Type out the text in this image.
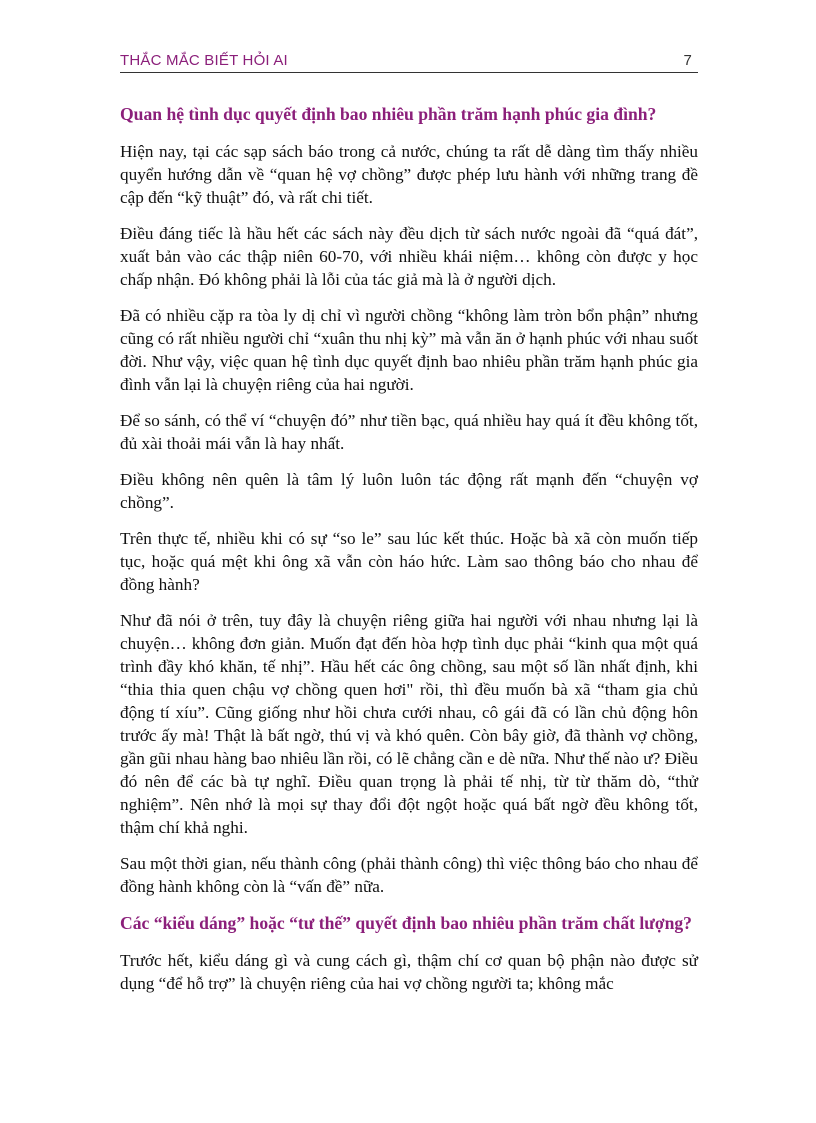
THẮC MẮC BIẾT HỎI AI	7
Quan hệ tình dục quyết định bao nhiêu phần trăm hạnh phúc gia đình?

Hiện nay, tại các sạp sách báo trong cả nước, chúng ta rất dễ dàng tìm thấy nhiều quyển hướng dẫn về “quan hệ vợ chồng” được phép lưu hành với những trang đề cập đến “kỹ thuật” đó, và rất chi tiết.

Điều đáng tiếc là hầu hết các sách này đều dịch từ sách nước ngoài đã “quá đát”, xuất bản vào các thập niên 60-70, với nhiều khái niệm… không còn được y học chấp nhận. Đó không phải là lỗi của tác giả mà là ở người dịch.

Đã có nhiều cặp ra tòa ly dị chỉ vì người chồng “không làm tròn bổn phận” nhưng cũng có rất nhiều người chỉ “xuân thu nhị kỳ” mà vẫn ăn ở hạnh phúc với nhau suốt đời. Như vậy, việc quan hệ tình dục quyết định bao nhiêu phần trăm hạnh phúc gia đình vẫn lại là chuyện riêng của hai người.

Để so sánh, có thể ví “chuyện đó” như tiền bạc, quá nhiều hay quá ít đều không tốt, đủ xài thoải mái vẫn là hay nhất.

Điều không nên quên là tâm lý luôn luôn tác động rất mạnh đến “chuyện vợ chồng”.

Trên thực tế, nhiều khi có sự “so le” sau lúc kết thúc. Hoặc bà xã còn muốn tiếp tục, hoặc quá mệt khi ông xã vẫn còn háo hức. Làm sao thông báo cho nhau để đồng hành?

Như đã nói ở trên, tuy đây là chuyện riêng giữa hai người với nhau nhưng lại là chuyện… không đơn giản. Muốn đạt đến hòa hợp tình dục phải “kinh qua một quá trình đầy khó khăn, tế nhị”. Hầu hết các ông chồng, sau một số lần nhất định, khi “thia thia quen chậu vợ chồng quen hơi" rồi, thì đều muốn bà xã “tham gia chủ động tí xíu”. Cũng giống như hồi chưa cưới nhau, cô gái đã có lần chủ động hôn trước ấy mà! Thật là bất ngờ, thú vị và khó quên. Còn bây giờ, đã thành vợ chồng, gần gũi nhau hàng bao nhiêu lần rồi, có lẽ chẳng cần e dè nữa. Như thế nào ư? Điều đó nên để các bà tự nghĩ. Điều quan trọng là phải tế nhị, từ từ thăm dò, “thử nghiệm”. Nên nhớ là mọi sự thay đổi đột ngột hoặc quá bất ngờ đều không tốt, thậm chí khả nghi.

Sau một thời gian, nếu thành công (phải thành công) thì việc thông báo cho nhau để đồng hành không còn là “vấn đề” nữa.

Các “kiểu dáng” hoặc “tư thế” quyết định bao nhiêu phần trăm chất lượng?

Trước hết, kiểu dáng gì và cung cách gì, thậm chí cơ quan bộ phận nào được sử dụng “để hỗ trợ” là chuyện riêng của hai vợ chồng người ta; không mắc
